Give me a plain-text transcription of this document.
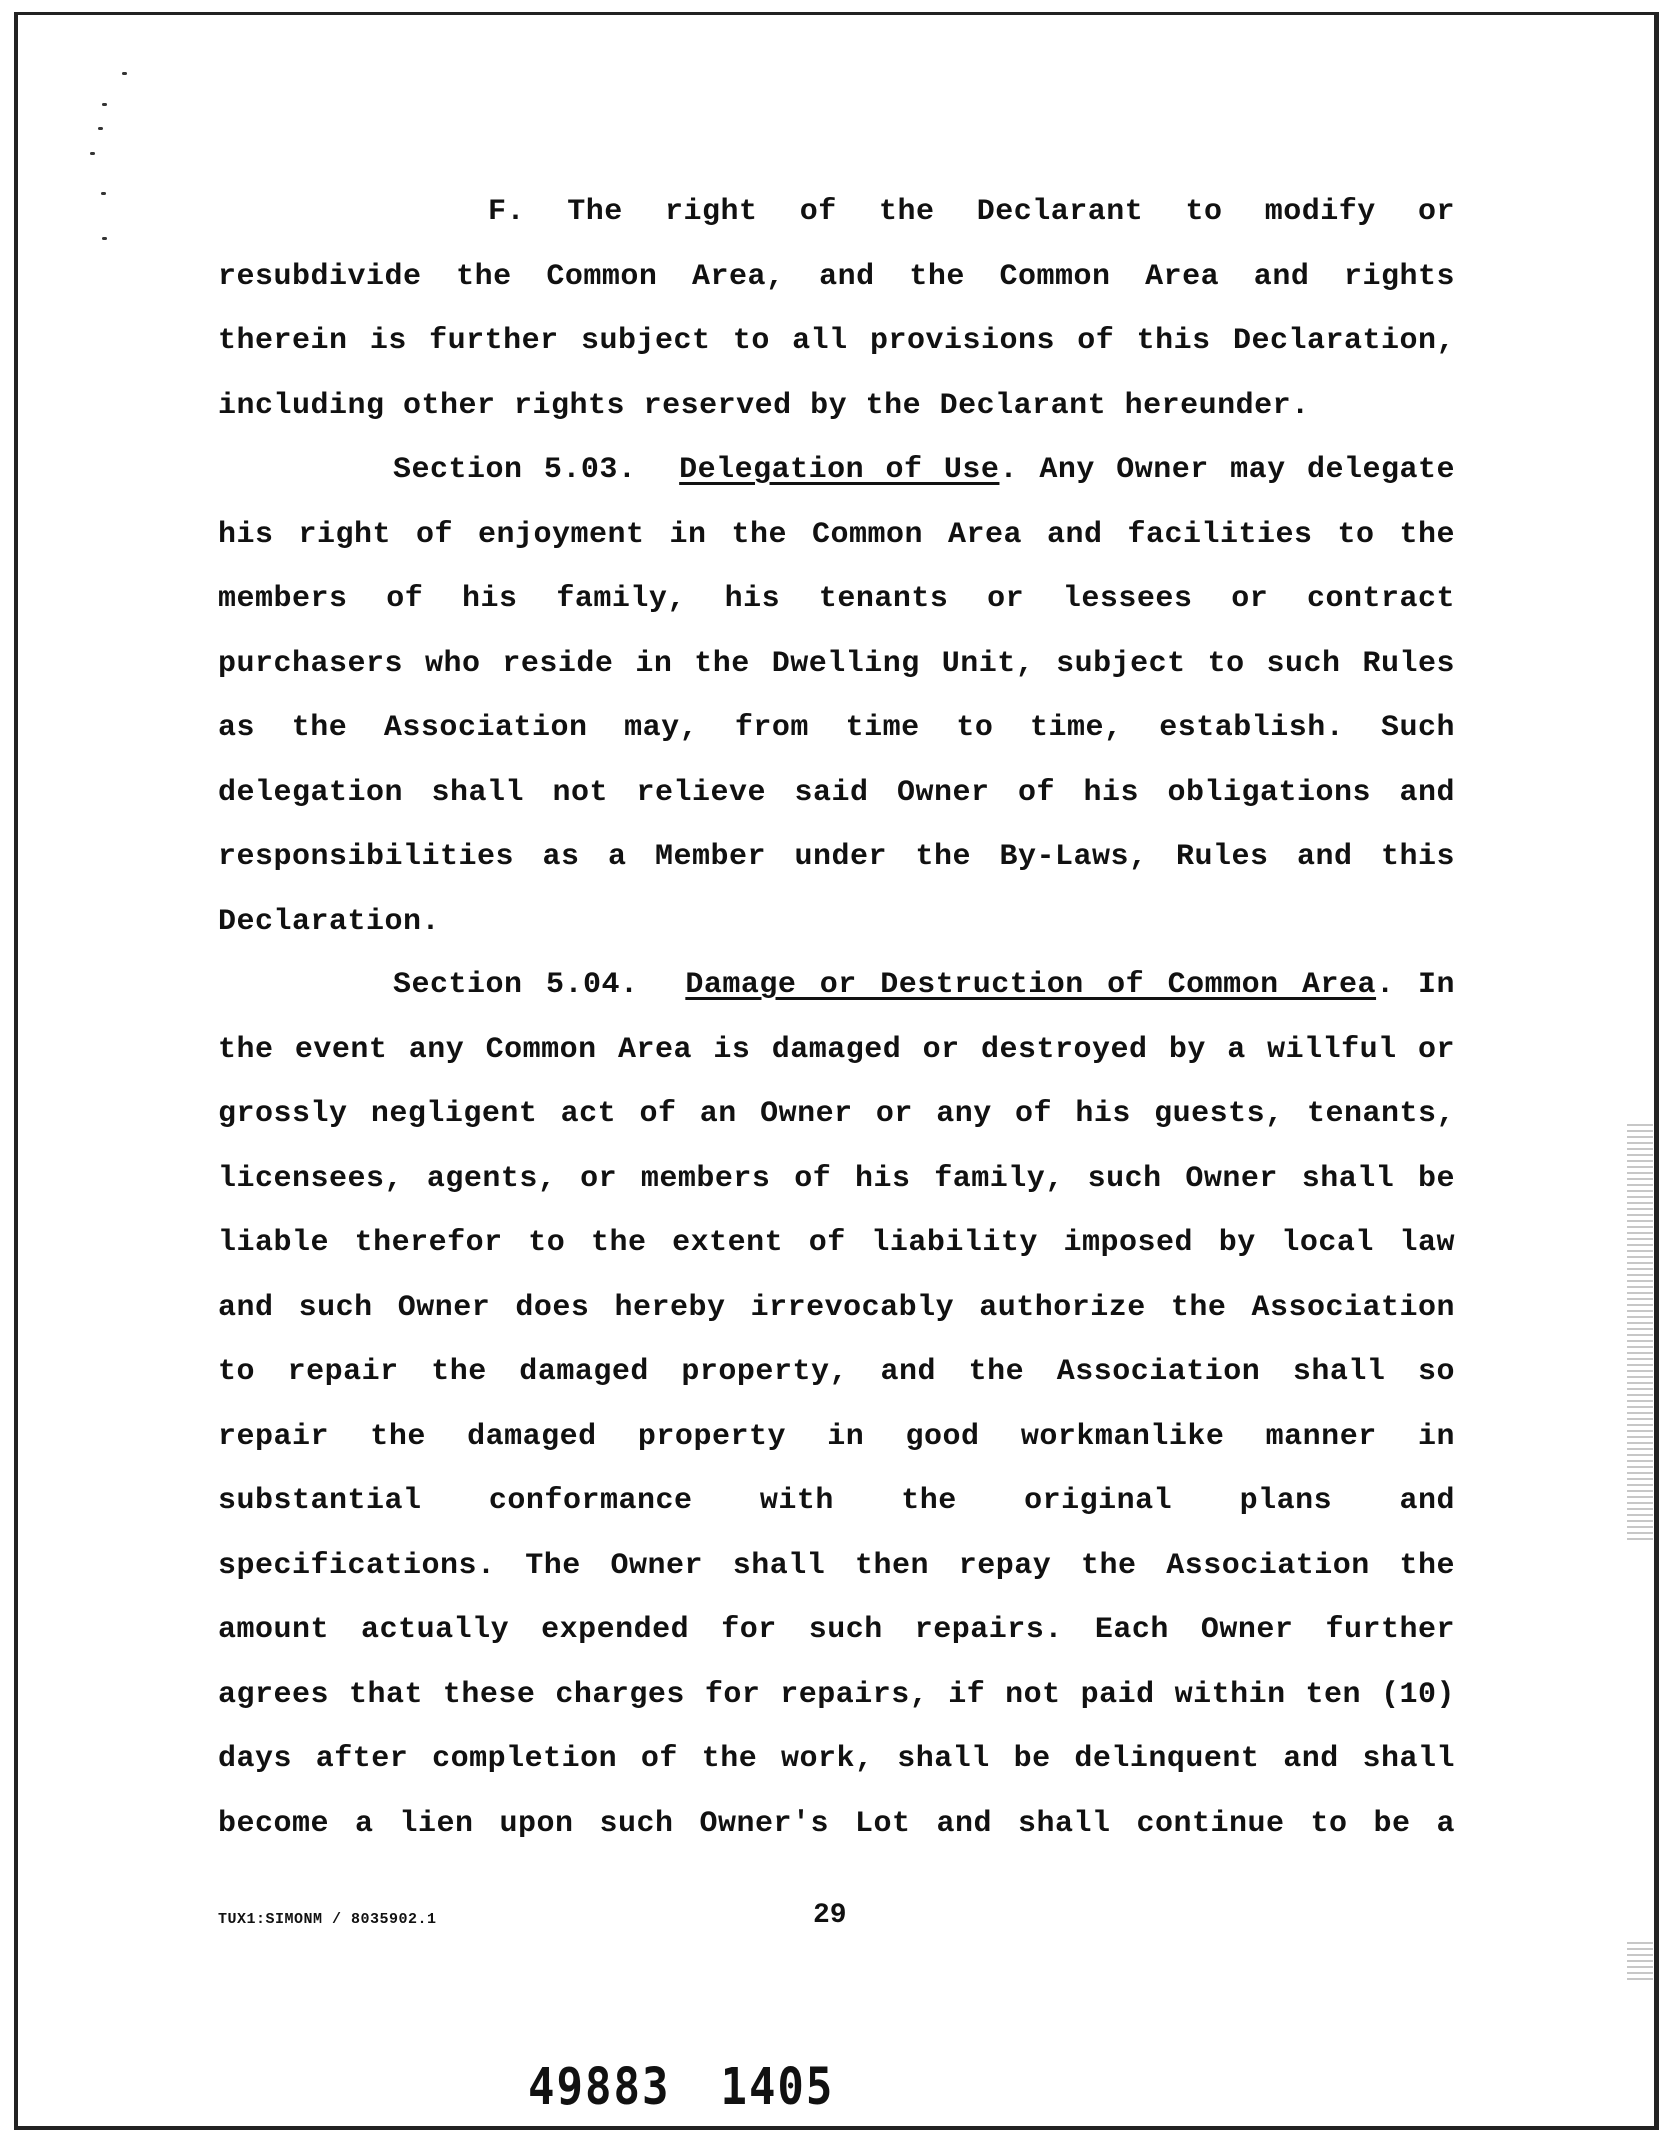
F. The right of the Declarant to modify or
resubdivide the Common Area, and the Common Area and rights
therein is further subject to all provisions of this Declaration,
including other rights reserved by the Declarant hereunder.
Section 5.03. Delegation of Use. Any Owner may delegate
his right of enjoyment in the Common Area and facilities to the
members of his family, his tenants or lessees or contract
purchasers who reside in the Dwelling Unit, subject to such Rules
as the Association may, from time to time, establish. Such
delegation shall not relieve said Owner of his obligations and
responsibilities as a Member under the By-Laws, Rules and this
Declaration.
Section 5.04. Damage or Destruction of Common Area. In
the event any Common Area is damaged or destroyed by a willful or
grossly negligent act of an Owner or any of his guests, tenants,
licensees, agents, or members of his family, such Owner shall be
liable therefor to the extent of liability imposed by local law
and such Owner does hereby irrevocably authorize the Association
to repair the damaged property, and the Association shall so
repair the damaged property in good workmanlike manner in
substantial conformance with the original plans and
specifications. The Owner shall then repay the Association the
amount actually expended for such repairs. Each Owner further
agrees that these charges for repairs, if not paid within ten (10)
days after completion of the work, shall be delinquent and shall
become a lien upon such Owner's Lot and shall continue to be a
TUX1:SIMONM / 8035902.1	29
49883 1405
